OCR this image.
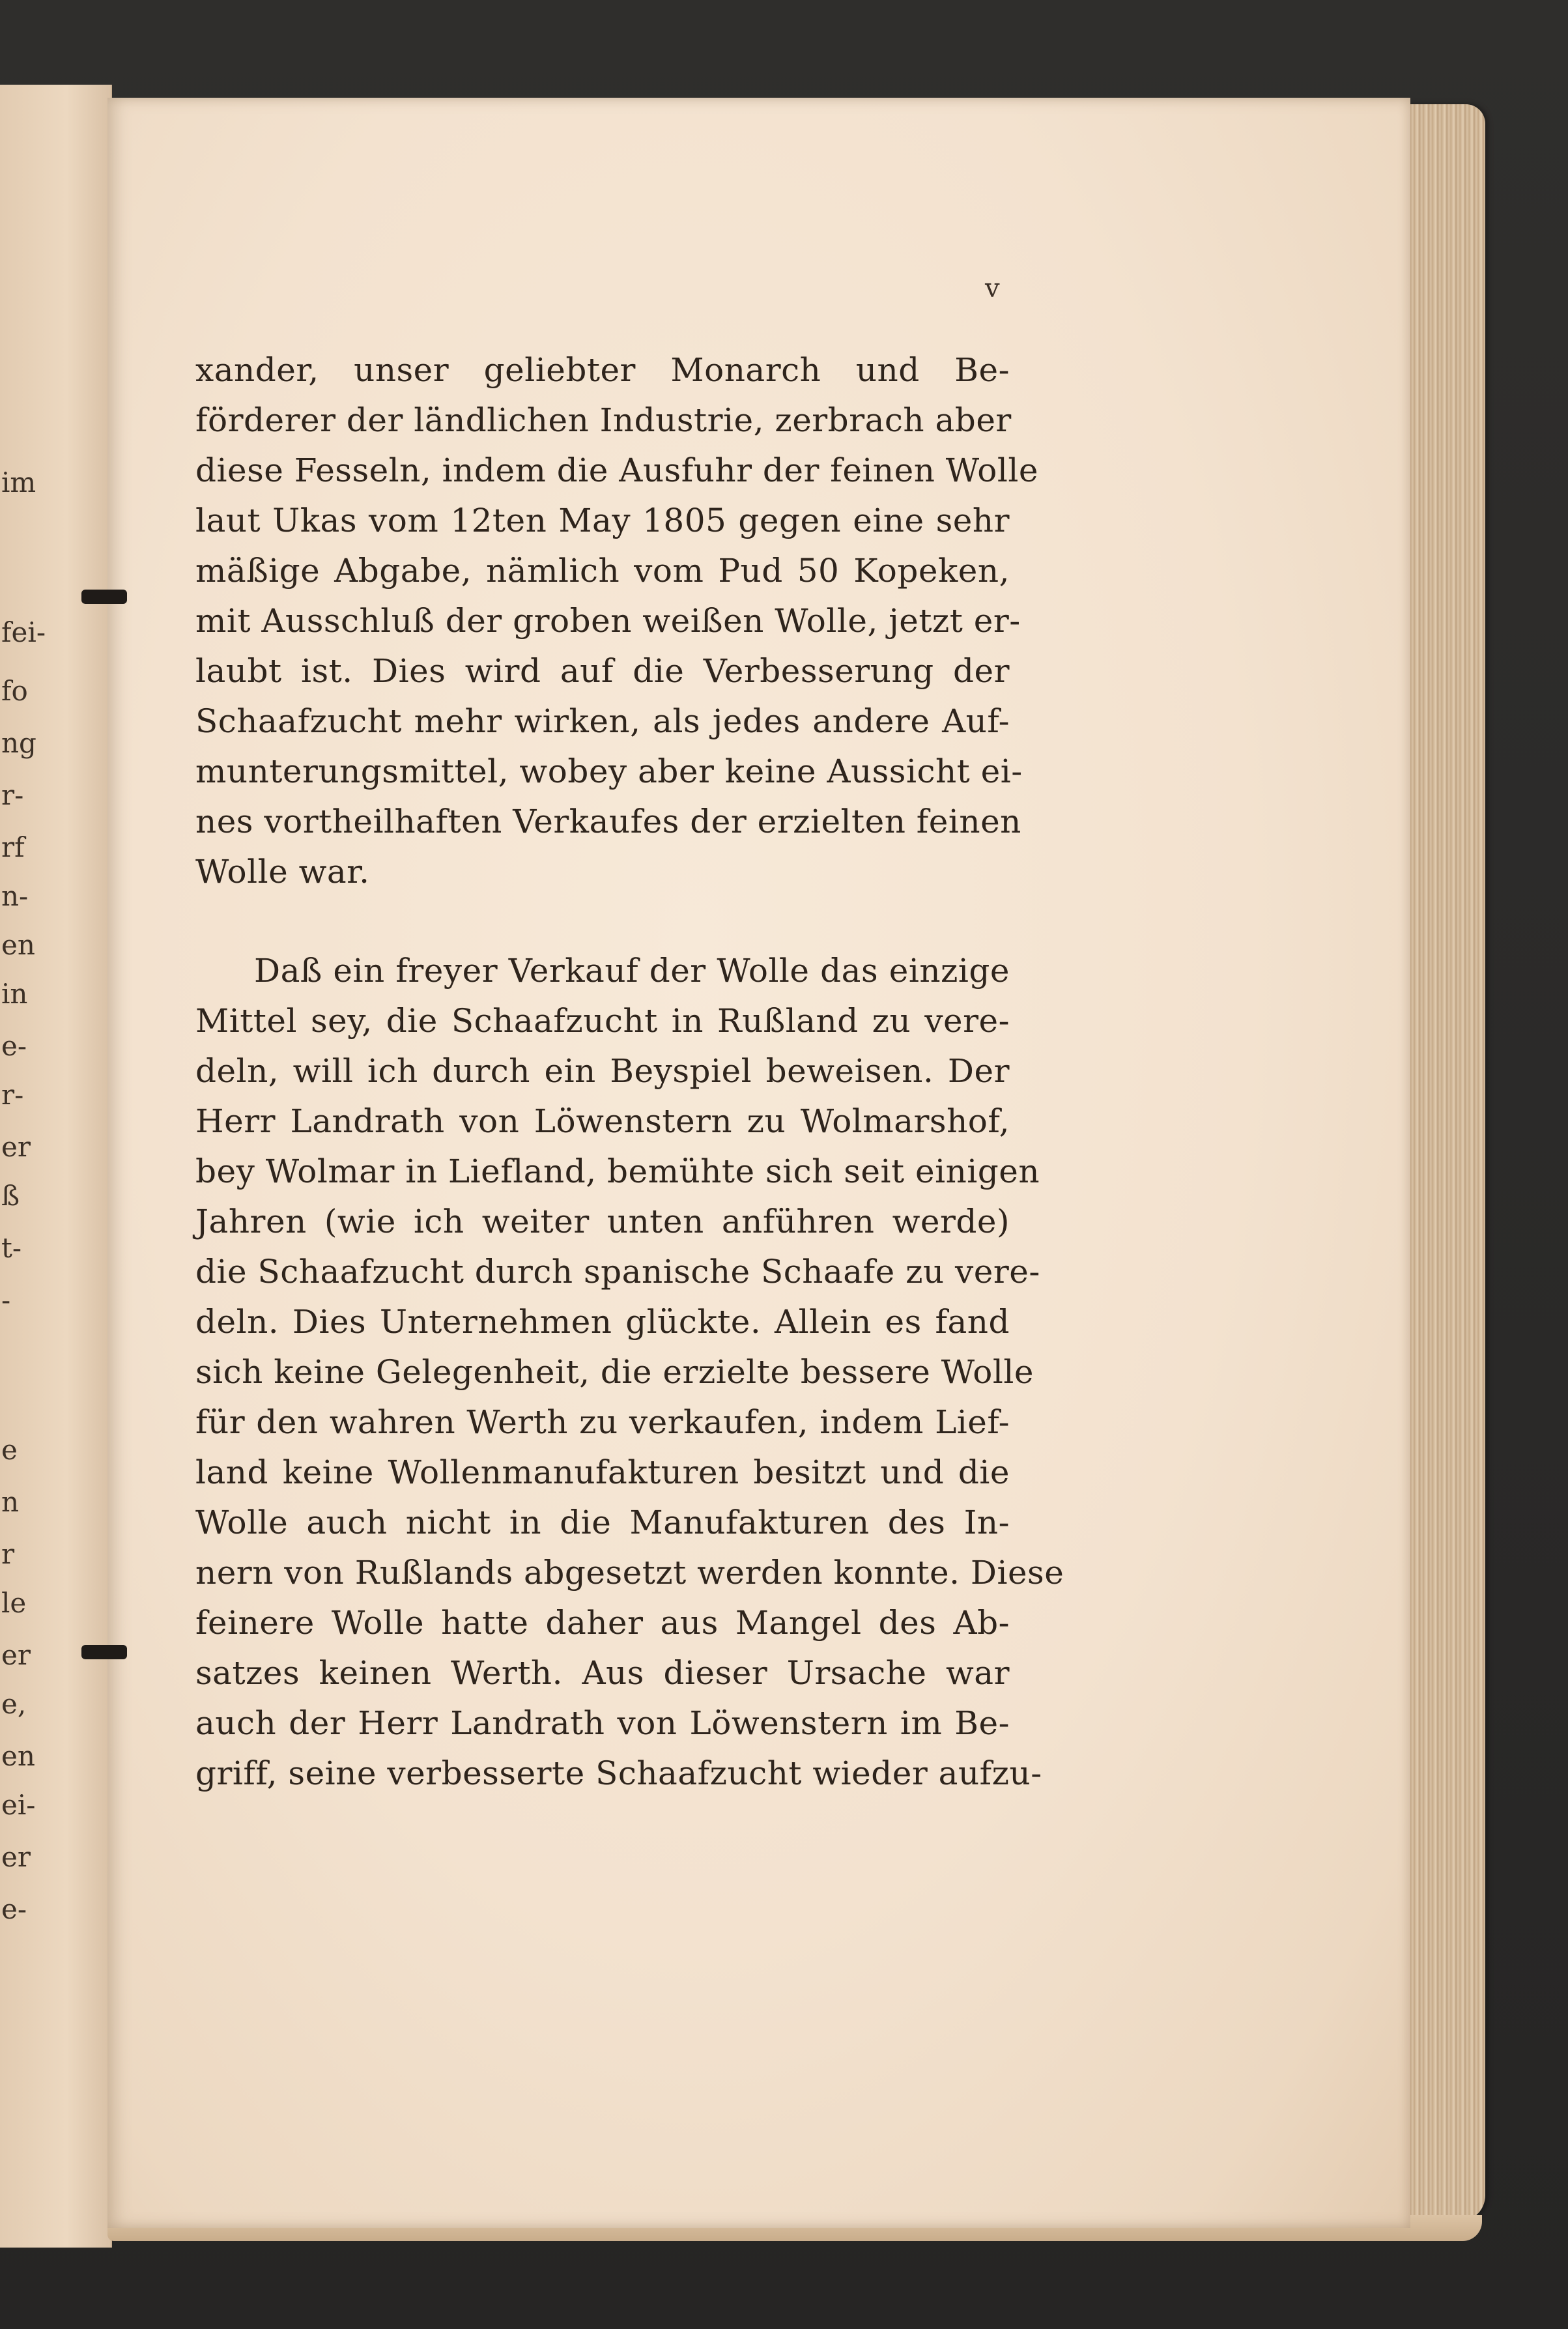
im
fei-
fo
ng
r-
rf
n-
en
in
e-
r-
er
ß
t-
-
e
n
r
le
er
e,
en
ei-
er
e-
v
xander, unser geliebter Monarch und Be-
förderer der ländlichen Industrie, zerbrach aber
diese Fesseln, indem die Ausfuhr der feinen Wolle
laut Ukas vom 12ten May 1805 gegen eine sehr
mäßige Abgabe, nämlich vom Pud 50 Kopeken,
mit Ausschluß der groben weißen Wolle, jetzt er-
laubt ist. Dies wird auf die Verbesserung der
Schaafzucht mehr wirken, als jedes andere Auf-
munterungsmittel, wobey aber keine Aussicht ei-
nes vortheilhaften Verkaufes der erzielten feinen
Wolle war.
Daß ein freyer Verkauf der Wolle das einzige
Mittel sey, die Schaafzucht in Rußland zu vere-
deln, will ich durch ein Beyspiel beweisen. Der
Herr Landrath von Löwenstern zu Wolmarshof,
bey Wolmar in Liefland, bemühte sich seit einigen
Jahren (wie ich weiter unten anführen werde)
die Schaafzucht durch spanische Schaafe zu vere-
deln. Dies Unternehmen glückte. Allein es fand
sich keine Gelegenheit, die erzielte bessere Wolle
für den wahren Werth zu verkaufen, indem Lief-
land keine Wollenmanufakturen besitzt und die
Wolle auch nicht in die Manufakturen des In-
nern von Rußlands abgesetzt werden konnte. Diese
feinere Wolle hatte daher aus Mangel des Ab-
satzes keinen Werth. Aus dieser Ursache war
auch der Herr Landrath von Löwenstern im Be-
griff, seine verbesserte Schaafzucht wieder aufzu-
